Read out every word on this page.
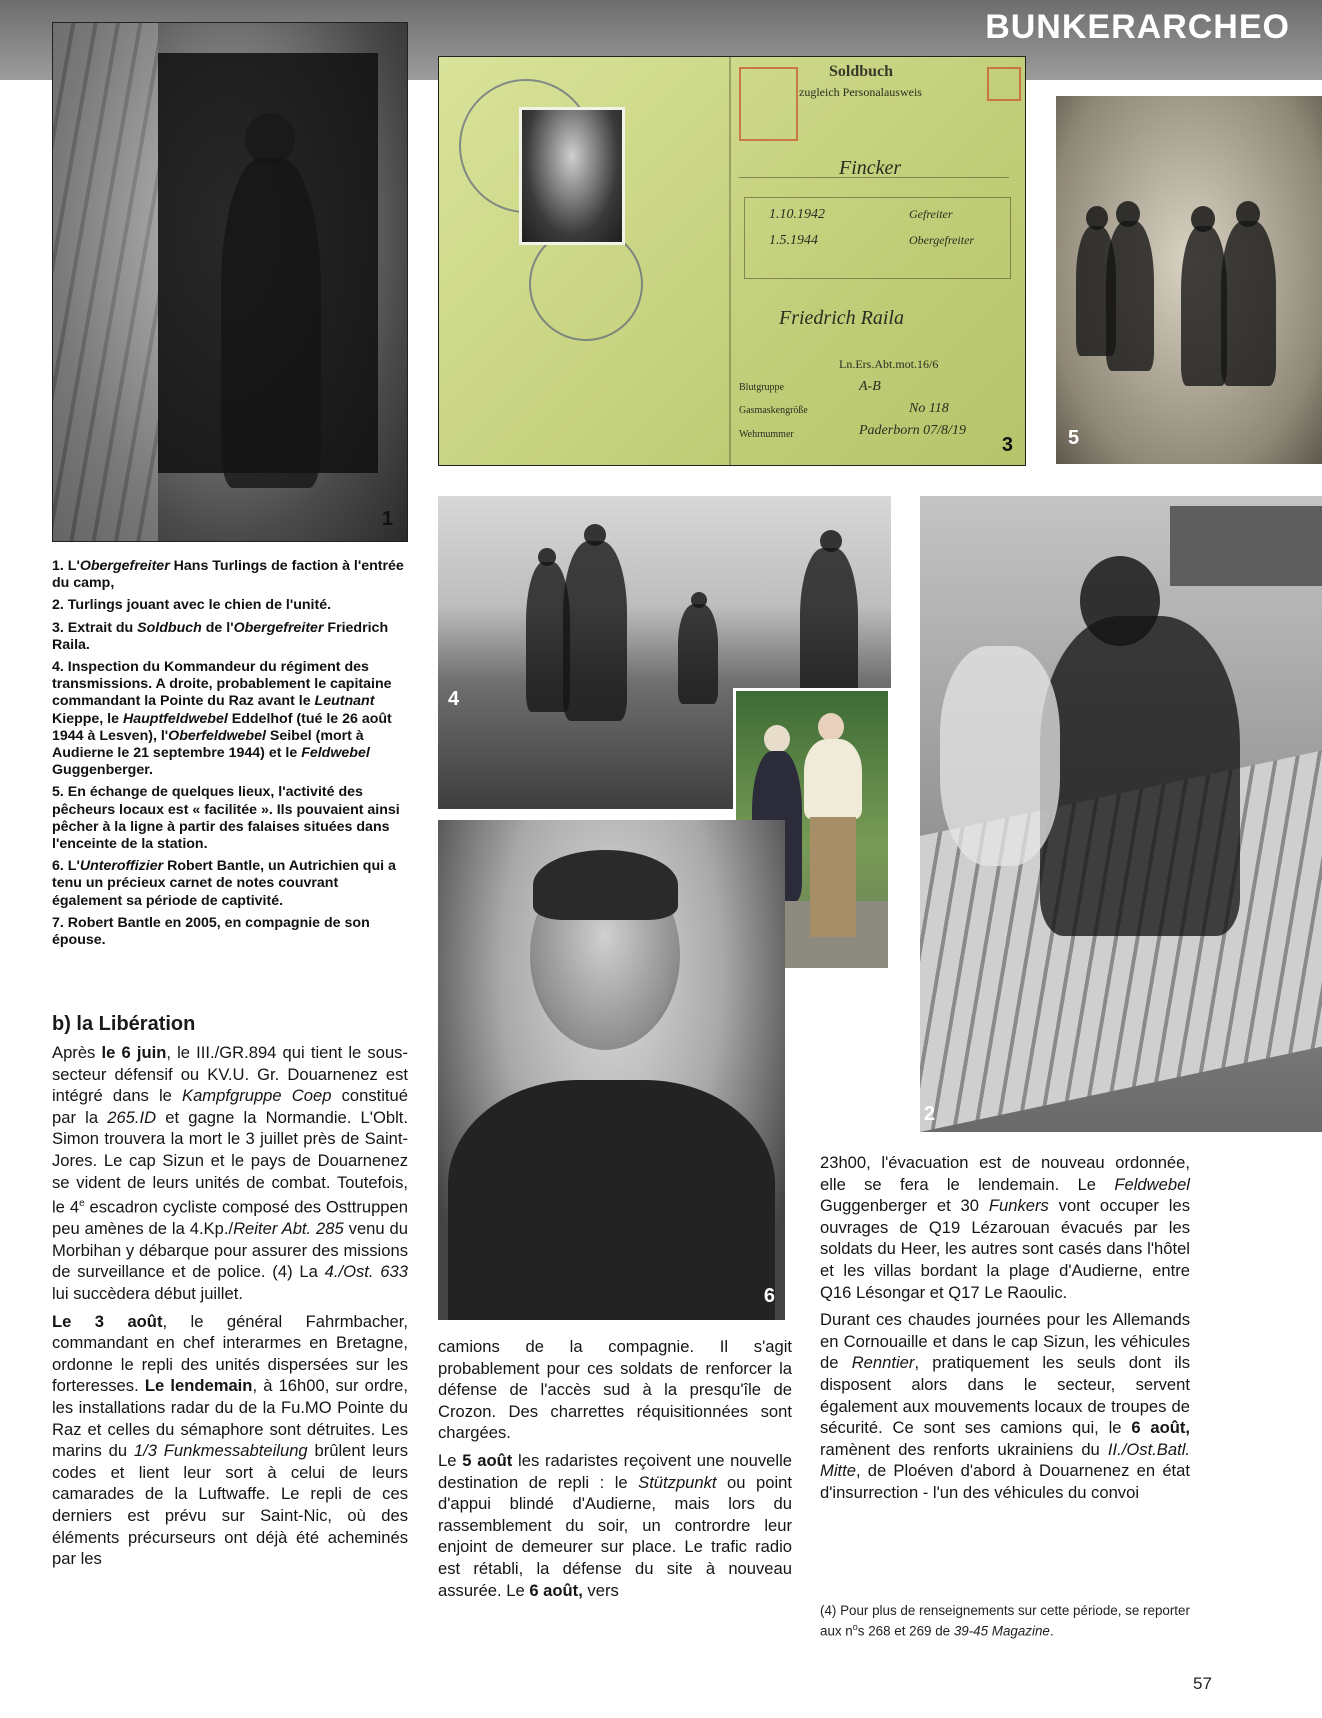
BUNKERARCHEO
1
Soldbuch
zugleich Personalausweis
Fincker
1.10.1942	Gefreiter
1.5.1944	Obergefreiter
Friedrich Raila
Ln.Ers.Abt.mot.16/6
Blutgruppe	A-B
Gasmaskengröße	No 118
Wehrnummer	Paderborn 07/8/19
3	5
4
2
6

1. L'Obergefreiter Hans Turlings de faction à l'entrée du camp,

2. Turlings jouant avec le chien de l'unité.

3. Extrait du Soldbuch de l'Obergefreiter Friedrich Raila.

4. Inspection du Kommandeur du régiment des transmissions. A droite, probablement le capitaine commandant la Pointe du Raz avant le Leutnant Kieppe, le Hauptfeldwebel Eddelhof (tué le 26 août 1944 à Lesven), l'Oberfeldwebel Seibel (mort à Audierne le 21 septembre 1944) et le Feldwebel Guggenberger.

5. En échange de quelques lieux, l'activité des pêcheurs locaux est « facilitée ». Ils pouvaient ainsi pêcher à la ligne à partir des falaises situées dans l'enceinte de la station.

6. L'Unteroffizier Robert Bantle, un Autrichien qui a tenu un précieux carnet de notes couvrant également sa période de captivité.

7. Robert Bantle en 2005, en compagnie de son épouse.

b) la Libération

Après le 6 juin, le III./GR.894 qui tient le sous-secteur défensif ou KV.U. Gr. Douarnenez est intégré dans le Kampfgruppe Coep constitué par la 265.ID et gagne la Normandie. L'Oblt. Simon trouvera la mort le 3 juillet près de Saint-Jores. Le cap Sizun et le pays de Douarnenez se vident de leurs unités de combat. Toutefois, le 4e escadron cycliste composé des Osttruppen peu amènes de la 4.Kp./Reiter Abt. 285 venu du Morbihan y débarque pour assurer des missions de surveillance et de police. (4) La 4./Ost. 633 lui succèdera début juillet.

Le 3 août, le général Fahrmbacher, commandant en chef interarmes en Bretagne, ordonne le repli des unités dispersées sur les forteresses. Le lendemain, à 16h00, sur ordre, les installations radar du de la Fu.MO Pointe du Raz et celles du sémaphore sont détruites. Les marins du 1/3 Funkmessabteilung brûlent leurs codes et lient leur sort à celui de leurs camarades de la Luftwaffe. Le repli de ces derniers est prévu sur Saint-Nic, où des éléments précurseurs ont déjà été acheminés par les

camions de la compagnie. Il s'agit probablement pour ces soldats de renforcer la défense de l'accès sud à la presqu'île de Crozon. Des charrettes réquisitionnées sont chargées.

Le 5 août les radaristes reçoivent une nouvelle destination de repli : le Stützpunkt ou point d'appui blindé d'Audierne, mais lors du rassemblement du soir, un contrordre leur enjoint de demeurer sur place. Le trafic radio est rétabli, la défense du site à nouveau assurée. Le 6 août, vers

23h00, l'évacuation est de nouveau ordonnée, elle se fera le lendemain. Le Feldwebel Guggenberger et 30 Funkers vont occuper les ouvrages de Q19 Lézarouan évacués par les soldats du Heer, les autres sont casés dans l'hôtel et les villas bordant la plage d'Audierne, entre Q16 Lésongar et Q17 Le Raoulic.

Durant ces chaudes journées pour les Allemands en Cornouaille et dans le cap Sizun, les véhicules de Renntier, pratiquement les seuls dont ils disposent alors dans le secteur, servent également aux mouvements locaux de troupes de sécurité. Ce sont ses camions qui, le 6 août, ramènent des renforts ukrainiens du II./Ost.Batl. Mitte, de Ploéven d'abord à Douarnenez en état d'insurrection - l'un des véhicules du convoi

(4) Pour plus de renseignements sur cette période, se reporter aux $n^os$ 268 et 269 de 39-45 Magazine.
57
